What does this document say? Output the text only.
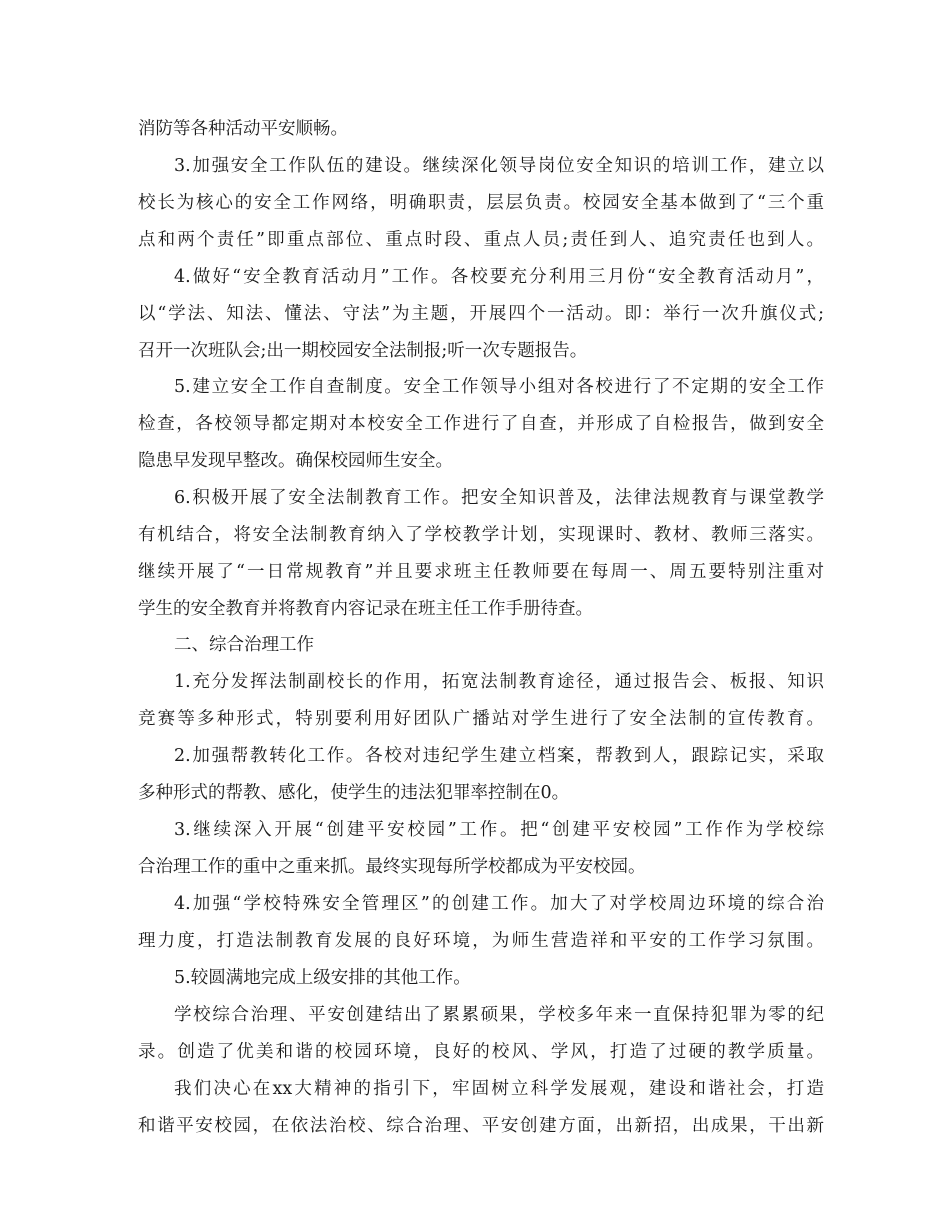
消防等各种活动平安顺畅。
3.加强安全工作队伍的建设。继续深化领导岗位安全知识的培训工作，建立以
校长为核心的安全工作网络，明确职责，层层负责。校园安全基本做到了“三个重
点和两个责任”即重点部位、重点时段、重点人员;责任到人、追究责任也到人。
4.做好“安全教育活动月”工作。各校要充分利用三月份“安全教育活动月”，
以“学法、知法、懂法、守法”为主题，开展四个一活动。即：举行一次升旗仪式;
召开一次班队会;出一期校园安全法制报;听一次专题报告。
5.建立安全工作自查制度。安全工作领导小组对各校进行了不定期的安全工作
检查，各校领导都定期对本校安全工作进行了自查，并形成了自检报告，做到安全
隐患早发现早整改。确保校园师生安全。
6.积极开展了安全法制教育工作。把安全知识普及，法律法规教育与课堂教学
有机结合，将安全法制教育纳入了学校教学计划，实现课时、教材、教师三落实。
继续开展了“一日常规教育”并且要求班主任教师要在每周一、周五要特别注重对
学生的安全教育并将教育内容记录在班主任工作手册待查。
二、综合治理工作
1.充分发挥法制副校长的作用，拓宽法制教育途径，通过报告会、板报、知识
竞赛等多种形式，特别要利用好团队广播站对学生进行了安全法制的宣传教育。
2.加强帮教转化工作。各校对违纪学生建立档案，帮教到人，跟踪记实，采取
多种形式的帮教、感化，使学生的违法犯罪率控制在0。
3.继续深入开展“创建平安校园”工作。把“创建平安校园”工作作为学校综
合治理工作的重中之重来抓。最终实现每所学校都成为平安校园。
4.加强“学校特殊安全管理区”的创建工作。加大了对学校周边环境的综合治
理力度，打造法制教育发展的良好环境，为师生营造祥和平安的工作学习氛围。
5.较圆满地完成上级安排的其他工作。
学校综合治理、平安创建结出了累累硕果，学校多年来一直保持犯罪为零的纪
录。创造了优美和谐的校园环境，良好的校风、学风，打造了过硬的教学质量。
我们决心在xx大精神的指引下，牢固树立科学发展观，建设和谐社会，打造
和谐平安校园，在依法治校、综合治理、平安创建方面，出新招，出成果，干出新
